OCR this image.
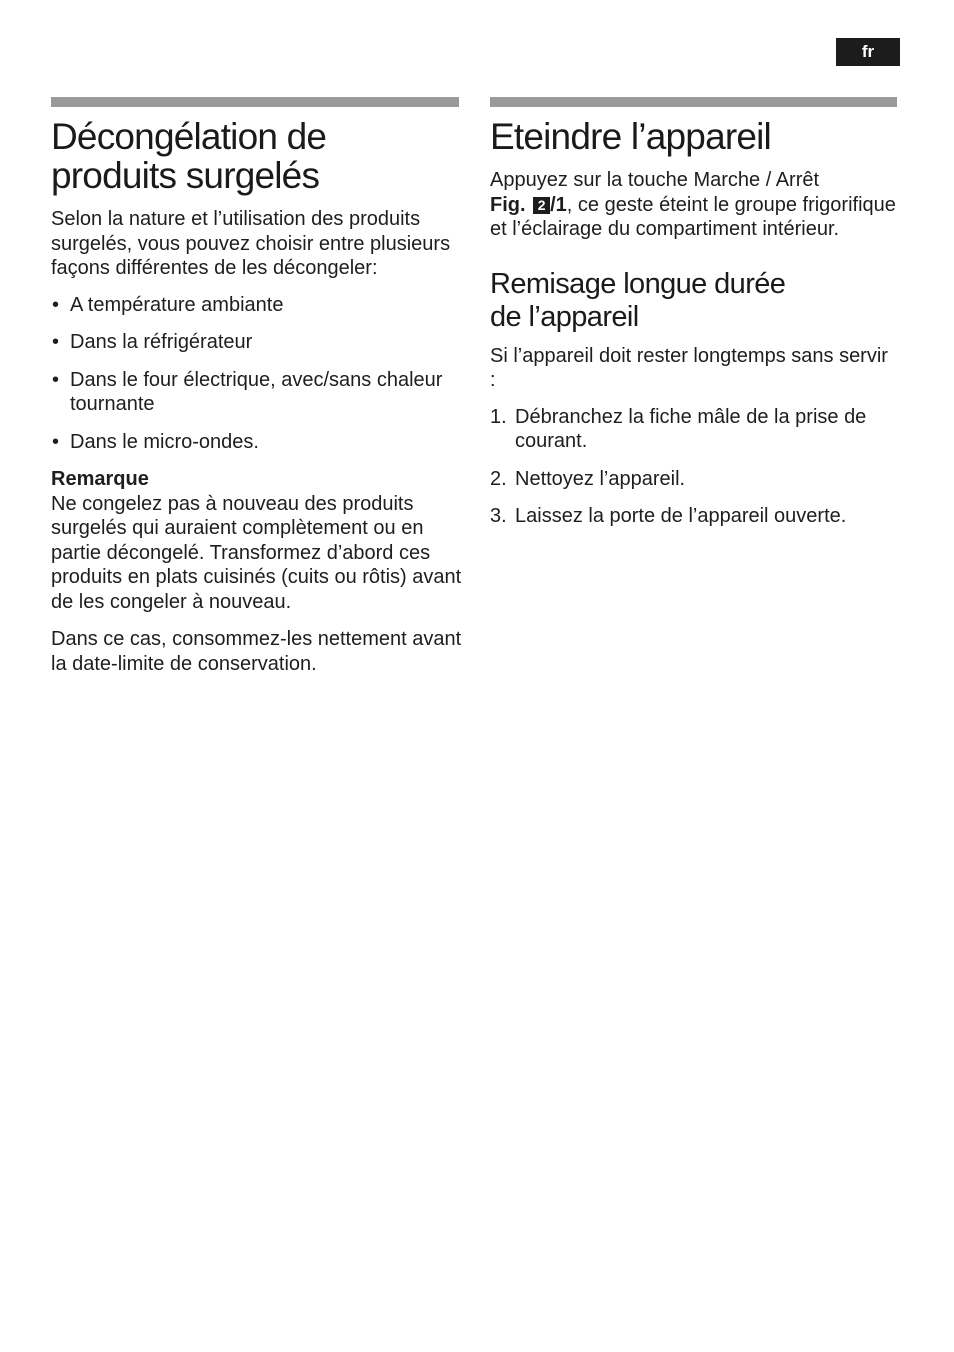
fr
Décongélation de
produits surgelés

Selon la nature et l’utilisation des produits surgelés, vous pouvez choisir entre plusieurs façons différentes de les décongeler:

• A température ambiante
• Dans la réfrigérateur
• Dans le four électrique, avec/sans chaleur tournante
• Dans le micro-ondes.
Remarque

Ne congelez pas à nouveau des produits surgelés qui auraient complètement ou en partie décongelé. Transformez d’abord ces produits en plats cuisinés (cuits ou rôtis) avant de les congeler à nouveau.

Dans ce cas, consommez-les nettement avant la date-limite de conservation.

Eteindre l’appareil

Appuyez sur la touche Marche / Arrêt
Fig. 2 /1, ce geste éteint le groupe frigorifique et l’éclairage du compartiment intérieur.

Remisage longue durée
de l’appareil

Si l’appareil doit rester longtemps sans servir :

1. Débranchez la fiche mâle de la prise de courant.
2. Nettoyez l’appareil.
3. Laissez la porte de l’appareil ouverte.
